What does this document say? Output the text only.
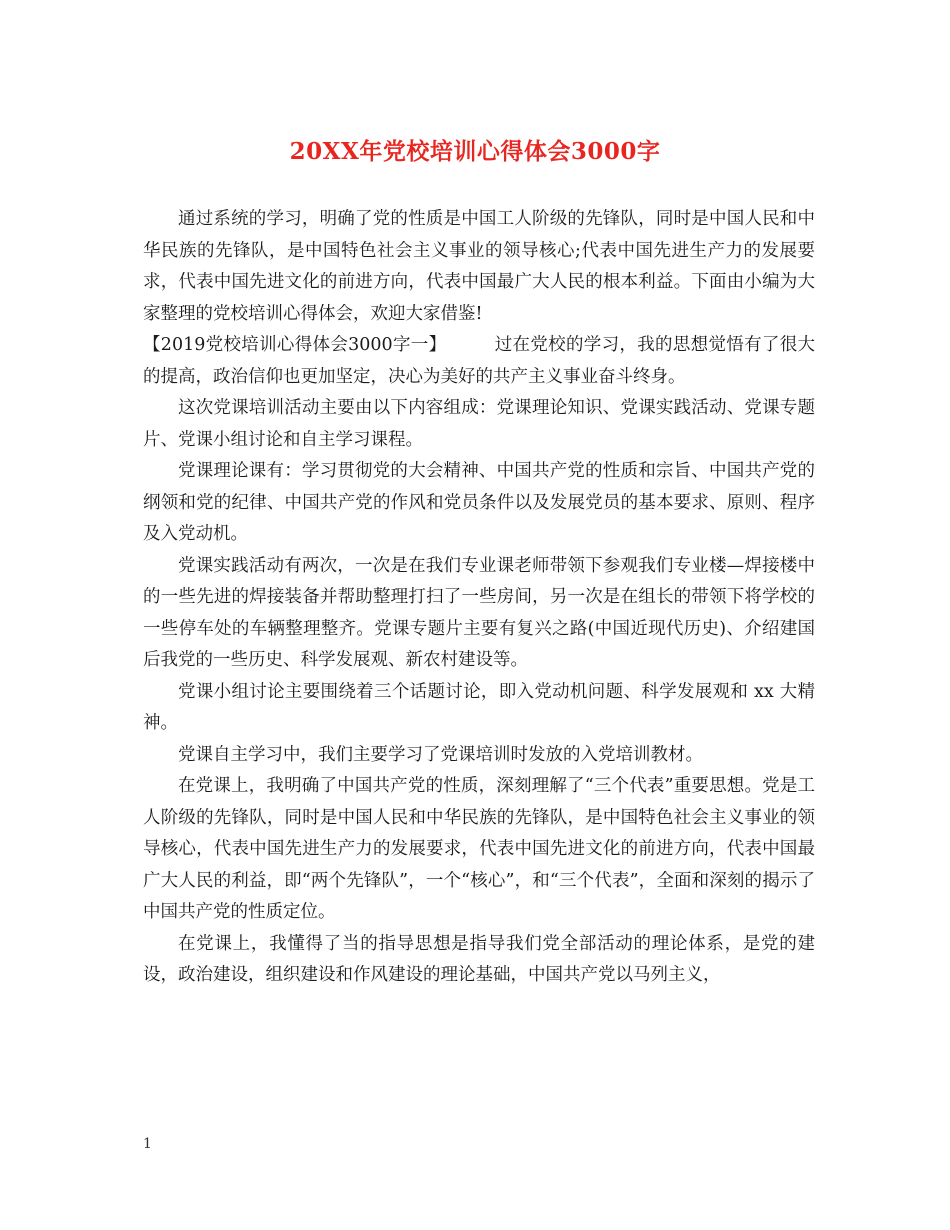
20XX年党校培训心得体会3000字

通过系统的学习，明确了党的性质是中国工人阶级的先锋队，同时是中国人民和中华民族的先锋队，是中国特色社会主义事业的领导核心;代表中国先进生产力的发展要求，代表中国先进文化的前进方向，代表中国最广大人民的根本利益。下面由小编为大家整理的党校培训心得体会，欢迎大家借鉴!

【2019党校培训心得体会3000字一】	过在党校的学习，我的思想觉悟有了很大的提高，政治信仰也更加坚定，决心为美好的共产主义事业奋斗终身。

这次党课培训活动主要由以下内容组成：党课理论知识、党课实践活动、党课专题片、党课小组讨论和自主学习课程。

党课理论课有：学习贯彻党的大会精神、中国共产党的性质和宗旨、中国共产党的纲领和党的纪律、中国共产党的作风和党员条件以及发展党员的基本要求、原则、程序及入党动机。

党课实践活动有两次，一次是在我们专业课老师带领下参观我们专业楼—焊接楼中的一些先进的焊接装备并帮助整理打扫了一些房间，另一次是在组长的带领下将学校的一些停车处的车辆整理整齐。党课专题片主要有复兴之路(中国近现代历史)、介绍建国后我党的一些历史、科学发展观、新农村建设等。

党课小组讨论主要围绕着三个话题讨论，即入党动机问题、科学发展观和 xx 大精神。

党课自主学习中，我们主要学习了党课培训时发放的入党培训教材。

在党课上，我明确了中国共产党的性质，深刻理解了“三个代表”重要思想。党是工人阶级的先锋队，同时是中国人民和中华民族的先锋队，是中国特色社会主义事业的领导核心，代表中国先进生产力的发展要求，代表中国先进文化的前进方向，代表中国最广大人民的利益，即“两个先锋队”，一个“核心”，和“三个代表”，全面和深刻的揭示了中国共产党的性质定位。

在党课上，我懂得了当的指导思想是指导我们党全部活动的理论体系，是党的建设，政治建设，组织建设和作风建设的理论基础，中国共产党以马列主义，

1
